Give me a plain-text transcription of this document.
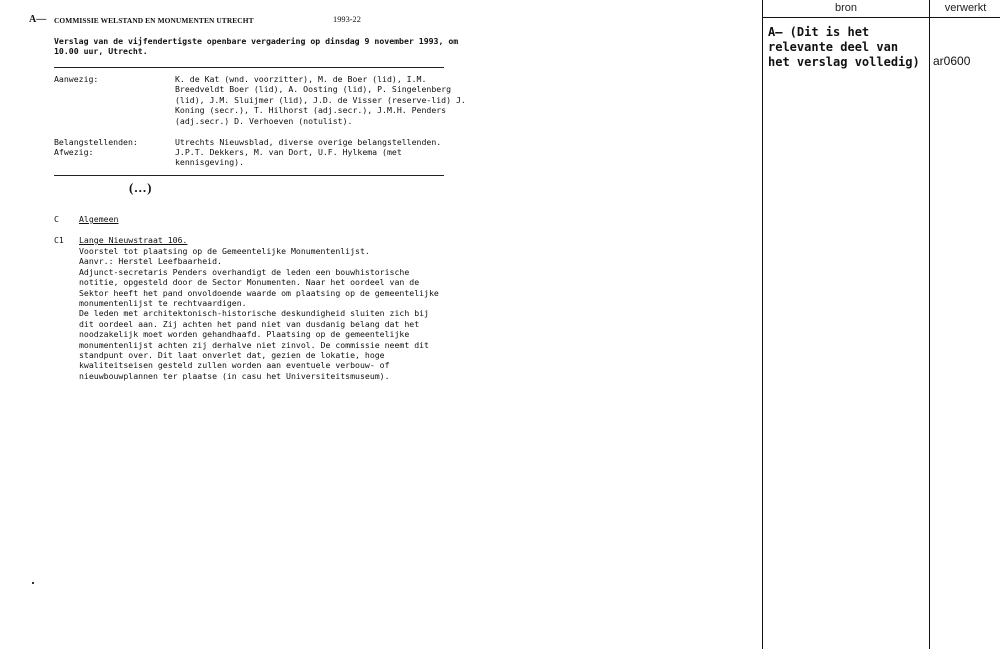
A— COMMISSIE WELSTAND EN MONUMENTEN UTRECHT	1993-22
Verslag van de vijfendertigste openbare vergadering op dinsdag 9 november 1993, om 10.00 uur, Utrecht.
Aanwezig:	K. de Kat (wnd. voorzitter), M. de Boer (lid), I.M. Breedveldt Boer (lid), A. Oosting (lid), P. Singelenberg (lid), J.M. Sluijmer (lid), J.D. de Visser (reserve-lid) J. Koning (secr.), T. Hilhorst (adj.secr.), J.M.H. Penders (adj.secr.) D. Verhoeven (notulist).
Belangstellenden:	Utrechts Nieuwsblad, diverse overige belangstellenden.
Afwezig:	J.P.T. Dekkers, M. van Dort, U.F. Hylkema (met kennisgeving).
(...)
C Algemeen
C1 Lange Nieuwstraat 106.
Voorstel tot plaatsing op de Gemeentelijke Monumentenlijst.
Aanvr.: Herstel Leefbaarheid.
Adjunct-secretaris Penders overhandigt de leden een bouwhistorische notitie, opgesteld door de Sector Monumenten. Naar het oordeel van de Sektor heeft het pand onvoldoende waarde om plaatsing op de gemeentelijke monumentenlijst te rechtvaardigen.
De leden met architektonisch-historische deskundigheid sluiten zich bij dit oordeel aan. Zij achten het pand niet van dusdanig belang dat het noodzakelijk moet worden gehandhaafd. Plaatsing op de gemeentelijke monumentenlijst achten zij derhalve niet zinvol. De commissie neemt dit standpunt over. Dit laat onverlet dat, gezien de lokatie, hoge kwaliteitseisen gesteld zullen worden aan eventuele verbouw- of nieuwbouwplannen ter plaatse (in casu het Universiteitsmuseum).
bron	verwerkt
A— (Dit is het relevante deel van het verslag volledig)	ar0600
